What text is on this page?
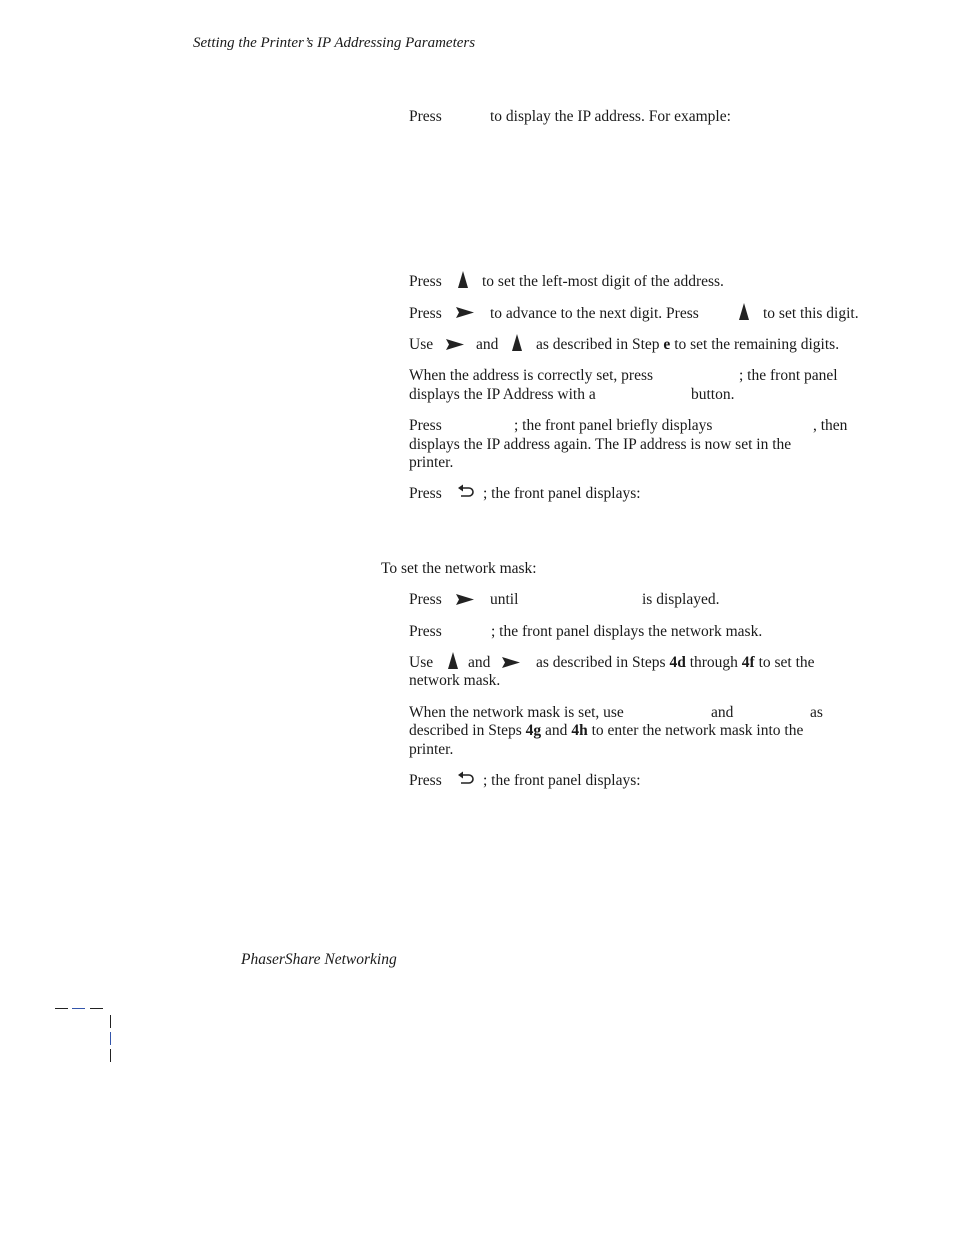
Setting the Printer’s IP Addressing Parameters
Press	to display the IP address. For example:
Press	to set the left-most digit of the address.
Press	to advance to the next digit. Press	to set this digit.
Use	and as described in Step e to set the remaining digits.
When the address is correctly set, press	; the front panel
displays the IP Address with a	button.
Press	; the front panel briefly displays	, then
displays the IP address again. The IP address is now set in the
printer.
Press	; the front panel displays:
To set the network mask:
Press	until	is displayed.
Press	; the front panel displays the network mask.
Use and	as described in Steps 4d through 4f to set the
network mask.
When the network mask is set, use	and	as
described in Steps 4g and 4h to enter the network mask into the
printer.
Press	; the front panel displays:
PhaserShare Networking
